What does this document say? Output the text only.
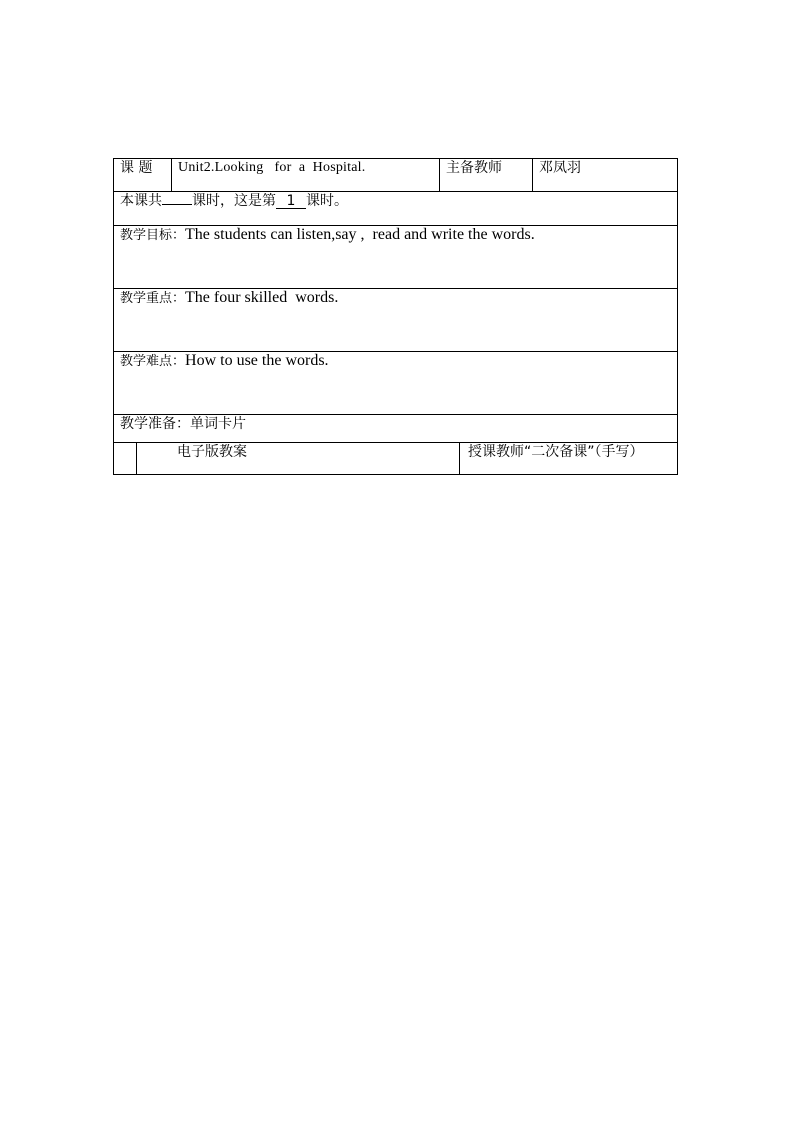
课 题		Unit2.Looking   for  a  Hospital.	主备教师		邓凤羽
本课共 课时，这是第 1 课时。					
教学目标：The students can listen,say ,  read and write the words.					
教学重点：The four skilled  words.					
教学难点：How to use the words.					
教学准备：单词卡片					
	电子版教案			授课教师“二次备课”（手写）	
